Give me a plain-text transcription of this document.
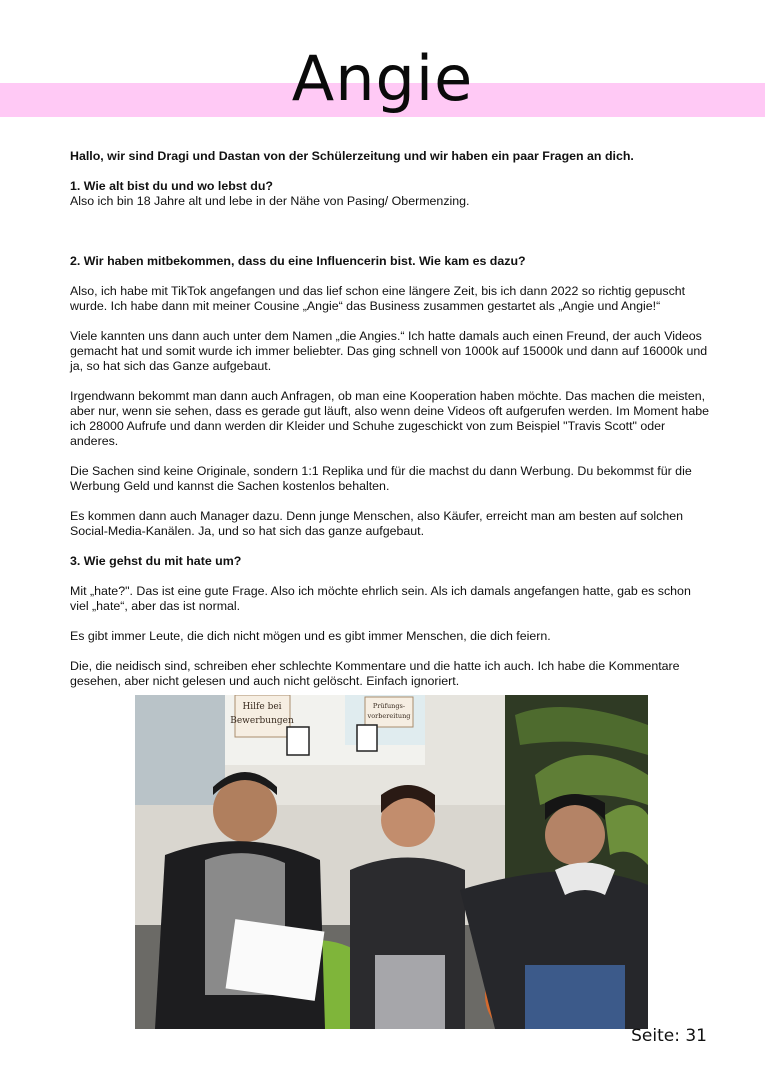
Angie

Hallo, wir sind Dragi und Dastan von der Schülerzeitung und wir haben ein paar Fragen an dich.

1. Wie alt bist du und wo lebst du?

Also ich bin 18 Jahre alt und lebe in der Nähe von Pasing/ Obermenzing.

2. Wir haben mitbekommen, dass du eine Influencerin bist. Wie kam es dazu?

Also, ich habe mit TikTok angefangen und das lief schon eine längere Zeit, bis ich dann 2022 so richtig gepuscht wurde. Ich habe dann mit meiner Cousine „Angie“ das Business zusammen gestartet als „Angie und Angie!“

Viele kannten uns dann auch unter dem Namen „die Angies.“ Ich hatte damals auch einen Freund, der auch Videos gemacht hat und somit wurde ich immer beliebter. Das ging schnell von 1000k auf 15000k und dann auf 16000k und ja, so hat sich das Ganze aufgebaut.

Irgendwann bekommt man dann auch Anfragen, ob man eine Kooperation haben möchte. Das machen die meisten, aber nur, wenn sie sehen, dass es gerade gut läuft, also wenn deine Videos oft aufgerufen werden. Im Moment habe ich 28000 Aufrufe und dann werden dir Kleider und Schuhe zugeschickt von zum Beispiel "Travis Scott" oder anderes.

Die Sachen sind keine Originale, sondern 1:1 Replika und für die machst du dann Werbung. Du bekommst für die Werbung Geld und kannst die Sachen kostenlos behalten.

Es kommen dann auch Manager dazu. Denn junge Menschen, also Käufer, erreicht man am besten auf solchen Social-Media-Kanälen. Ja, und so hat sich das ganze aufgebaut.

3. Wie gehst du mit hate um?

Mit „hate?". Das ist eine gute Frage. Also ich möchte ehrlich sein. Als ich damals angefangen hatte, gab es schon viel „hate“, aber das ist normal.

Es gibt immer Leute, die dich nicht mögen und es gibt immer Menschen, die dich feiern.

Die, die neidisch sind, schreiben eher schlechte Kommentare und die hatte ich auch. Ich habe die Kommentare gesehen, aber nicht gelesen und auch nicht gelöscht. Einfach ignoriert.

Hilfe bei
Bewerbungen
Prüfungs-
vorbereitung
Seite: 31
